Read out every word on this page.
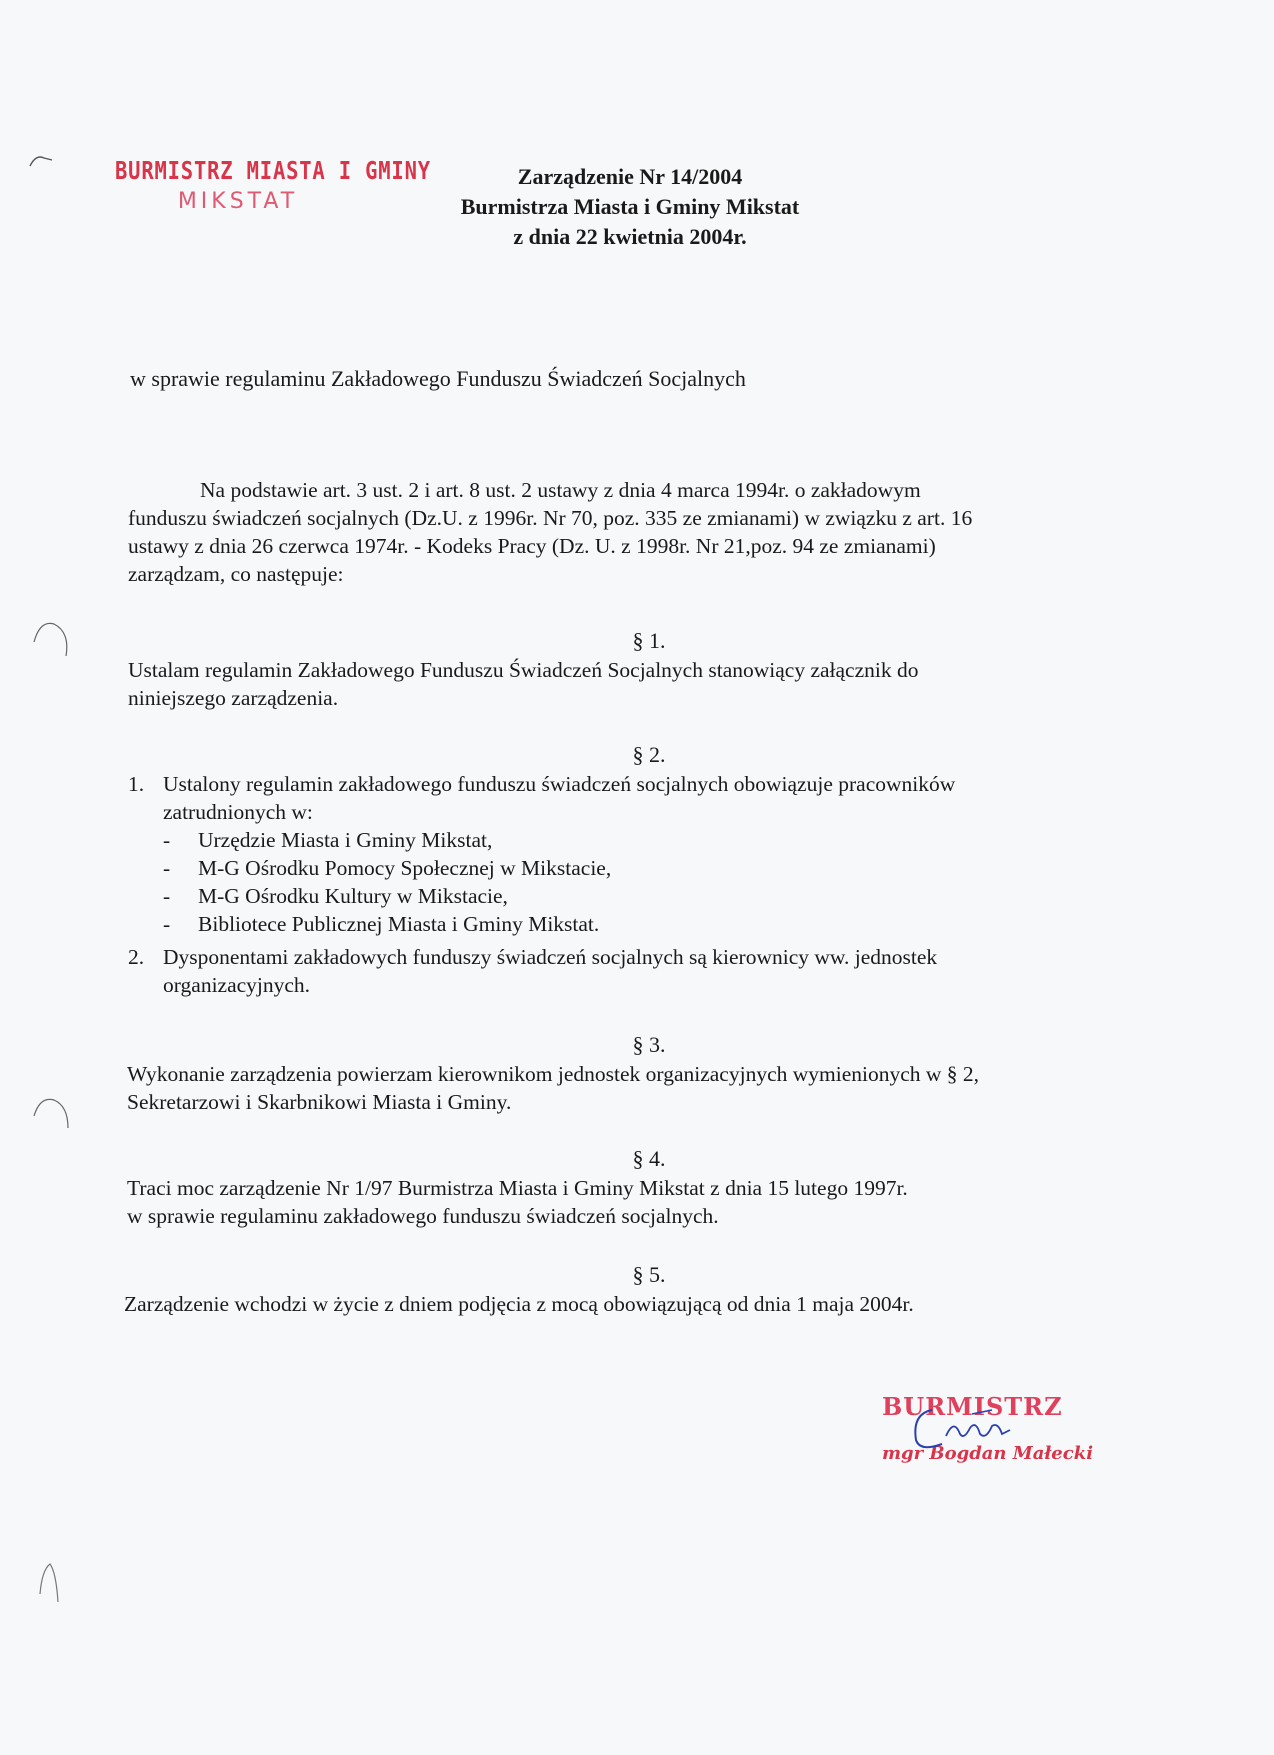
BURMISTRZ MIASTA I GMINY
MIKSTAT
Zarządzenie Nr 14/2004
Burmistrza Miasta i Gminy Mikstat
z dnia 22 kwietnia 2004r.
w sprawie regulaminu Zakładowego Funduszu Świadczeń Socjalnych
Na podstawie art. 3 ust. 2 i art. 8 ust. 2 ustawy z dnia 4 marca 1994r. o zakładowym
funduszu świadczeń socjalnych (Dz.U. z 1996r. Nr 70, poz. 335 ze zmianami) w związku z art. 16
ustawy z dnia 26 czerwca 1974r. - Kodeks Pracy (Dz. U. z 1998r. Nr 21,poz. 94 ze zmianami)
zarządzam, co następuje:
§ 1.
Ustalam regulamin Zakładowego Funduszu Świadczeń Socjalnych stanowiący załącznik do
niniejszego zarządzenia.
§ 2.
1. Ustalony regulamin zakładowego funduszu świadczeń socjalnych obowiązuje pracowników
zatrudnionych w:
- Urzędzie Miasta i Gminy Mikstat,
- M-G Ośrodku Pomocy Społecznej w Mikstacie,
- M-G Ośrodku Kultury w Mikstacie,
- Bibliotece Publicznej Miasta i Gminy Mikstat.
2. Dysponentami zakładowych funduszy świadczeń socjalnych są kierownicy ww. jednostek
organizacyjnych.
§ 3.
Wykonanie zarządzenia powierzam kierownikom jednostek organizacyjnych wymienionych w § 2,
Sekretarzowi i Skarbnikowi Miasta i Gminy.
§ 4.
Traci moc zarządzenie Nr 1/97 Burmistrza Miasta i Gminy Mikstat z dnia 15 lutego 1997r.
w sprawie regulaminu zakładowego funduszu świadczeń socjalnych.
§ 5.
Zarządzenie wchodzi w życie z dniem podjęcia z mocą obowiązującą od dnia 1 maja 2004r.
BURMISTRZ
mgr Bogdan Małecki
